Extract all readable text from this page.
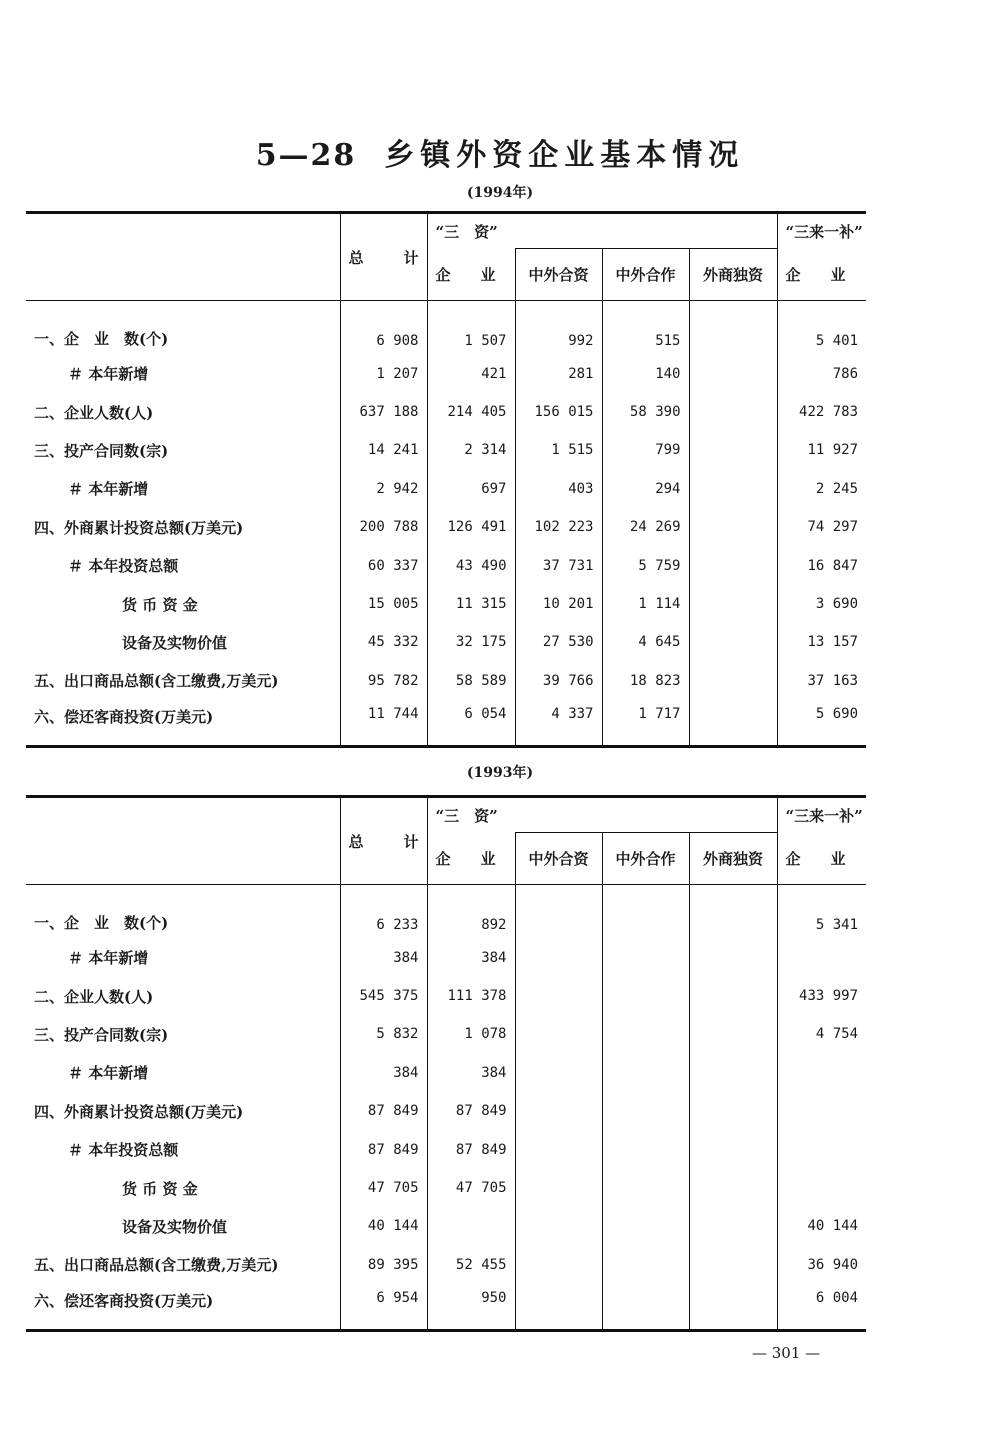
5—28 乡镇外资企业基本情况
(1994年)
	总 计	“三　资”				“三来一补”
		企　　业	中外合资	中外合作	外商独资	企　　业
一、企　业　数(个)	6 908	1 507	992	515		5 401
＃ 本年新增	1 207	421	281	140		786
二、企业人数(人)	637 188	214 405	156 015	58 390		422 783
三、投产合同数(宗)	14 241	2 314	1 515	799		11 927
＃ 本年新增	2 942	697	403	294		2 245
四、外商累计投资总额(万美元)	200 788	126 491	102 223	24 269		74 297
＃ 本年投资总额	60 337	43 490	37 731	5 759		16 847
货 币 资 金	15 005	11 315	10 201	1 114		3 690
设备及实物价值	45 332	32 175	27 530	4 645		13 157
五、出口商品总额(含工缴费,万美元)	95 782	58 589	39 766	18 823		37 163
六、偿还客商投资(万美元)	11 744	6 054	4 337	1 717		5 690
(1993年)
	总 计	“三　资”				“三来一补”
		企　　业	中外合资	中外合作	外商独资	企　　业
一、企　业　数(个)	6 233	892				5 341
＃ 本年新增	384	384				
二、企业人数(人)	545 375	111 378				433 997
三、投产合同数(宗)	5 832	1 078				4 754
＃ 本年新增	384	384				
四、外商累计投资总额(万美元)	87 849	87 849				
＃ 本年投资总额	87 849	87 849				
货 币 资 金	47 705	47 705				
设备及实物价值	40 144					40 144
五、出口商品总额(含工缴费,万美元)	89 395	52 455				36 940
六、偿还客商投资(万美元)	6 954	950				6 004
— 301 —
